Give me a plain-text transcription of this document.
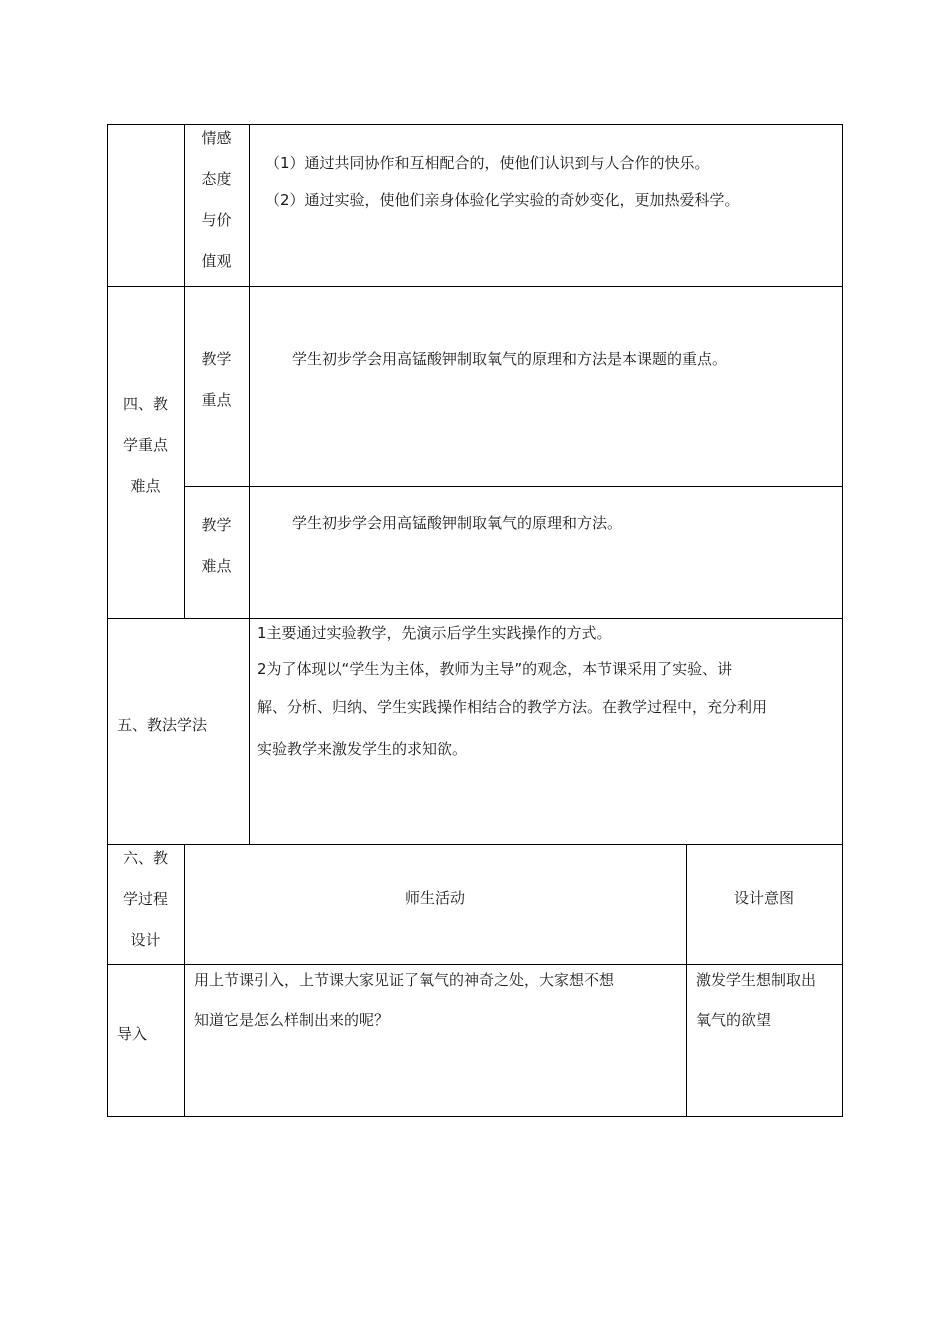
情感
态度
与价
值观
（1）通过共同协作和互相配合的，使他们认识到与人合作的快乐。
（2）通过实验，使他们亲身体验化学实验的奇妙变化，更加热爱科学。
四、教
学重点
难点
教学
重点
学生初步学会用高锰酸钾制取氧气的原理和方法是本课题的重点。
教学
难点
学生初步学会用高锰酸钾制取氧气的原理和方法。
五、教法学法
1主要通过实验教学，先演示后学生实践操作的方式。
2为了体现以“学生为主体，教师为主导”的观念，本节课采用了实验、讲
解、分析、归纳、学生实践操作相结合的教学方法。在教学过程中，充分利用
实验教学来激发学生的求知欲。
六、教
学过程
设计
师生活动	设计意图
导入
用上节课引入，上节课大家见证了氧气的神奇之处，大家想不想
知道它是怎么样制出来的呢？
激发学生想制取出
氧气的欲望
